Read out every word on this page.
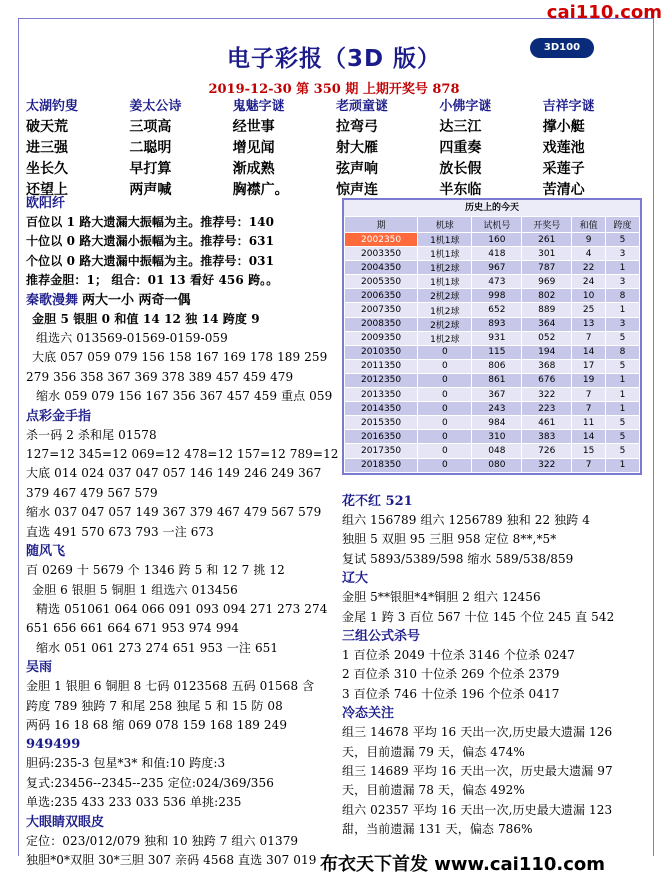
cai110.com
电子彩报（3D 版）	3D100
2019-12-30 第 350 期 上期开奖号 878
太湖钓叟	姜太公诗	鬼魅字谜	老顽童谜	小佛字谜	吉祥字谜
破天荒	三项高	经世事	拉弯弓	达三江	撑小艇
进三强	二聪明	增见闻	射大雁	四重奏	戏莲池
坐长久	早打算	渐成熟	弦声响	放长假	采莲子
还望上	两声喊	胸襟广。	惊声连	半东临	苦清心
欧阳纤
百位以 1 路大遗漏大振幅为主。推荐号：140
十位以 0 路大遗漏小振幅为主。推荐号：631
个位以 0 路大遗漏中振幅为主。推荐号：031
推荐金胆：1； 组合：01 13 看好 456 跨。。
秦歌漫舞 两大一小 两奇一偶
金胆 5 银胆 0 和值 14 12 独 14 跨度 9
组选六 013569-01569-0159-059
大底 057 059 079 156 158 167 169 178 189 259
279 356 358 367 369 378 389 457 459 479
缩水 059 079 156 167 356 367 457 459 重点 059
点彩金手指
杀一码 2 杀和尾 01578
127=12 345=12 069=12 478=12 157=12 789=12
大底 014 024 037 047 057 146 149 246 249 367
379 467 479 567 579
缩水 037 047 057 149 367 379 467 479 567 579
直选 491 570 673 793 一注 673
随风飞
百 0269 十 5679 个 1346 跨 5 和 12 7 挑 12
金胆 6 银胆 5 铜胆 1 组选六 013456
精选 051061 064 066 091 093 094 271 273 274
651 656 661 664 671 953 974 994
缩水 051 061 273 274 651 953 一注 651
吴雨
金胆 1 银胆 6 铜胆 8 七码 0123568 五码 01568 含
跨度 789 独跨 7 和尾 258 独尾 5 和 15 防 08
两码 16 18 68 缩 069 078 159 168 189 249
949499
胆码:235-3 包星*3* 和值:10 跨度:3
复式:23456--2345--235 定位:024/369/356
单选:235 433 233 033 536 单挑:235
大眼睛双眼皮
定位：023/012/079 独和 10 独跨 7 组六 01379
独胆*0*双胆 30*三胆 307 亲码 4568 直选 307 019
历史上的今天
期	机球	试机号	开奖号	和值	跨度
2002350	1机1球	160	261	9	5
2003350	1机1球	418	301	4	3
2004350	1机2球	967	787	22	1
2005350	1机1球	473	969	24	3
2006350	2机2球	998	802	10	8
2007350	1机2球	652	889	25	1
2008350	2机2球	893	364	13	3
2009350	1机2球	931	052	7	5
2010350	0	115	194	14	8
2011350	0	806	368	17	5
2012350	0	861	676	19	1
2013350	0	367	322	7	1
2014350	0	243	223	7	1
2015350	0	984	461	11	5
2016350	0	310	383	14	5
2017350	0	048	726	15	5
2018350	0	080	322	7	1
花不红 521
组六 156789 组六 1256789 独和 22 独跨 4
独胆 5 双胆 95 三胆 958 定位 8**,*5*
复试 5893/5389/598 缩水 589/538/859
辽大
金胆 5**银胆*4*铜胆 2 组六 12456
金尾 1 跨 3 百位 567 十位 145 个位 245 直 542
三组公式杀号
1 百位杀 2049 十位杀 3146 个位杀 0247
2 百位杀 310 十位杀 269 个位杀 2379
3 百位杀 746 十位杀 196 个位杀 0417
冷态关注
组三 14678 平均 16 天出一次,历史最大遗漏 126
天，目前遗漏 79 天，偏态 474%
组三 14689 平均 16 天出一次，历史最大遗漏 97
天，目前遗漏 78 天，偏态 492%
组六 02357 平均 16 天出一次,历史最大遗漏 123
甜，当前遗漏 131 天，偏态 786%
布衣天下首发 www.cai110.com
